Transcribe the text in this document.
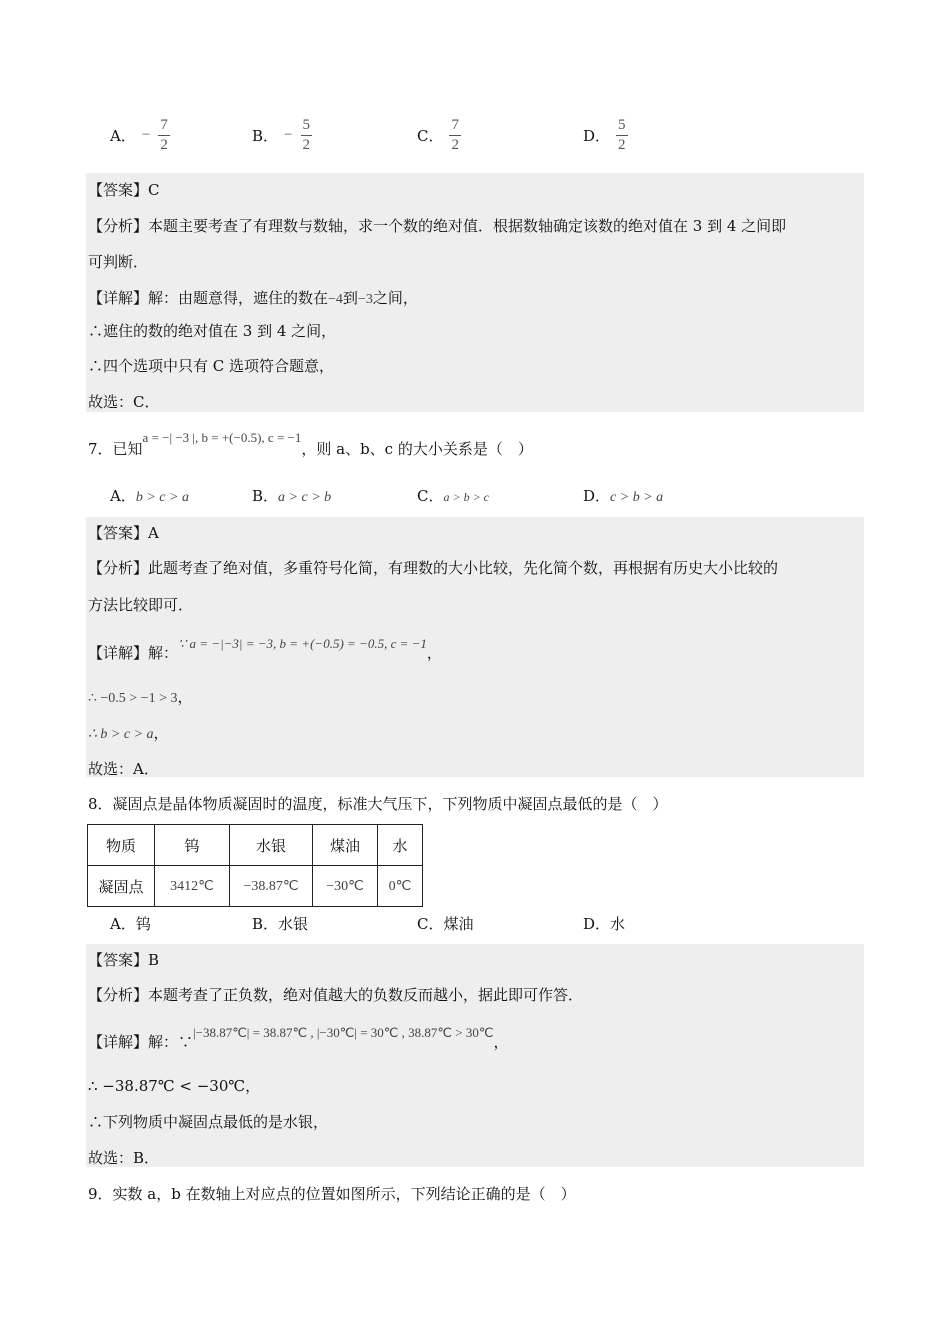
A． − $\frac{7}{2}$	B． − $\frac{5}{2}$	C． $\frac{7}{2}$	D． $\frac{5}{2}$
【答案】C
【分析】本题主要考查了有理数与数轴，求一个数的绝对值．根据数轴确定该数的绝对值在 3 到 4 之间即
可判断．
【详解】解：由题意得，遮住的数在−4到−3之间，
∴遮住的数的绝对值在 3 到 4 之间，
∴四个选项中只有 C 选项符合题意，
故选：C．
7．已知a = −| −3 |, b = +(−0.5), c = −1，则 a、b、c 的大小关系是（　）
A．b > c > a	B．a > c > b	C．a > b > c	D．c > b > a
【答案】A
【分析】此题考查了绝对值，多重符号化简，有理数的大小比较，先化简个数，再根据有历史大小比较的
方法比较即可．
【详解】解：∵ a = −|−3| = −3, b = +(−0.5) = −0.5, c = −1，
∴ −0.5 > −1 > 3，
∴ b > c > a，
故选：A．
8．凝固点是晶体物质凝固时的温度，标准大气压下，下列物质中凝固点最低的是（　）
物质	钨	水银	煤油	水
凝固点	3412℃	−38.87℃	−30℃	0℃
A．钨	B．水银	C．煤油	D．水
【答案】B
【分析】本题考查了正负数，绝对值越大的负数反而越小，据此即可作答．
【详解】解：∵|−38.87℃| = 38.87℃ , |−30℃| = 30℃ , 38.87℃ > 30℃，
∴ −38.87℃ < −30℃，
∴下列物质中凝固点最低的是水银，
故选：B．
9．实数 a，b 在数轴上对应点的位置如图所示，下列结论正确的是（　）
